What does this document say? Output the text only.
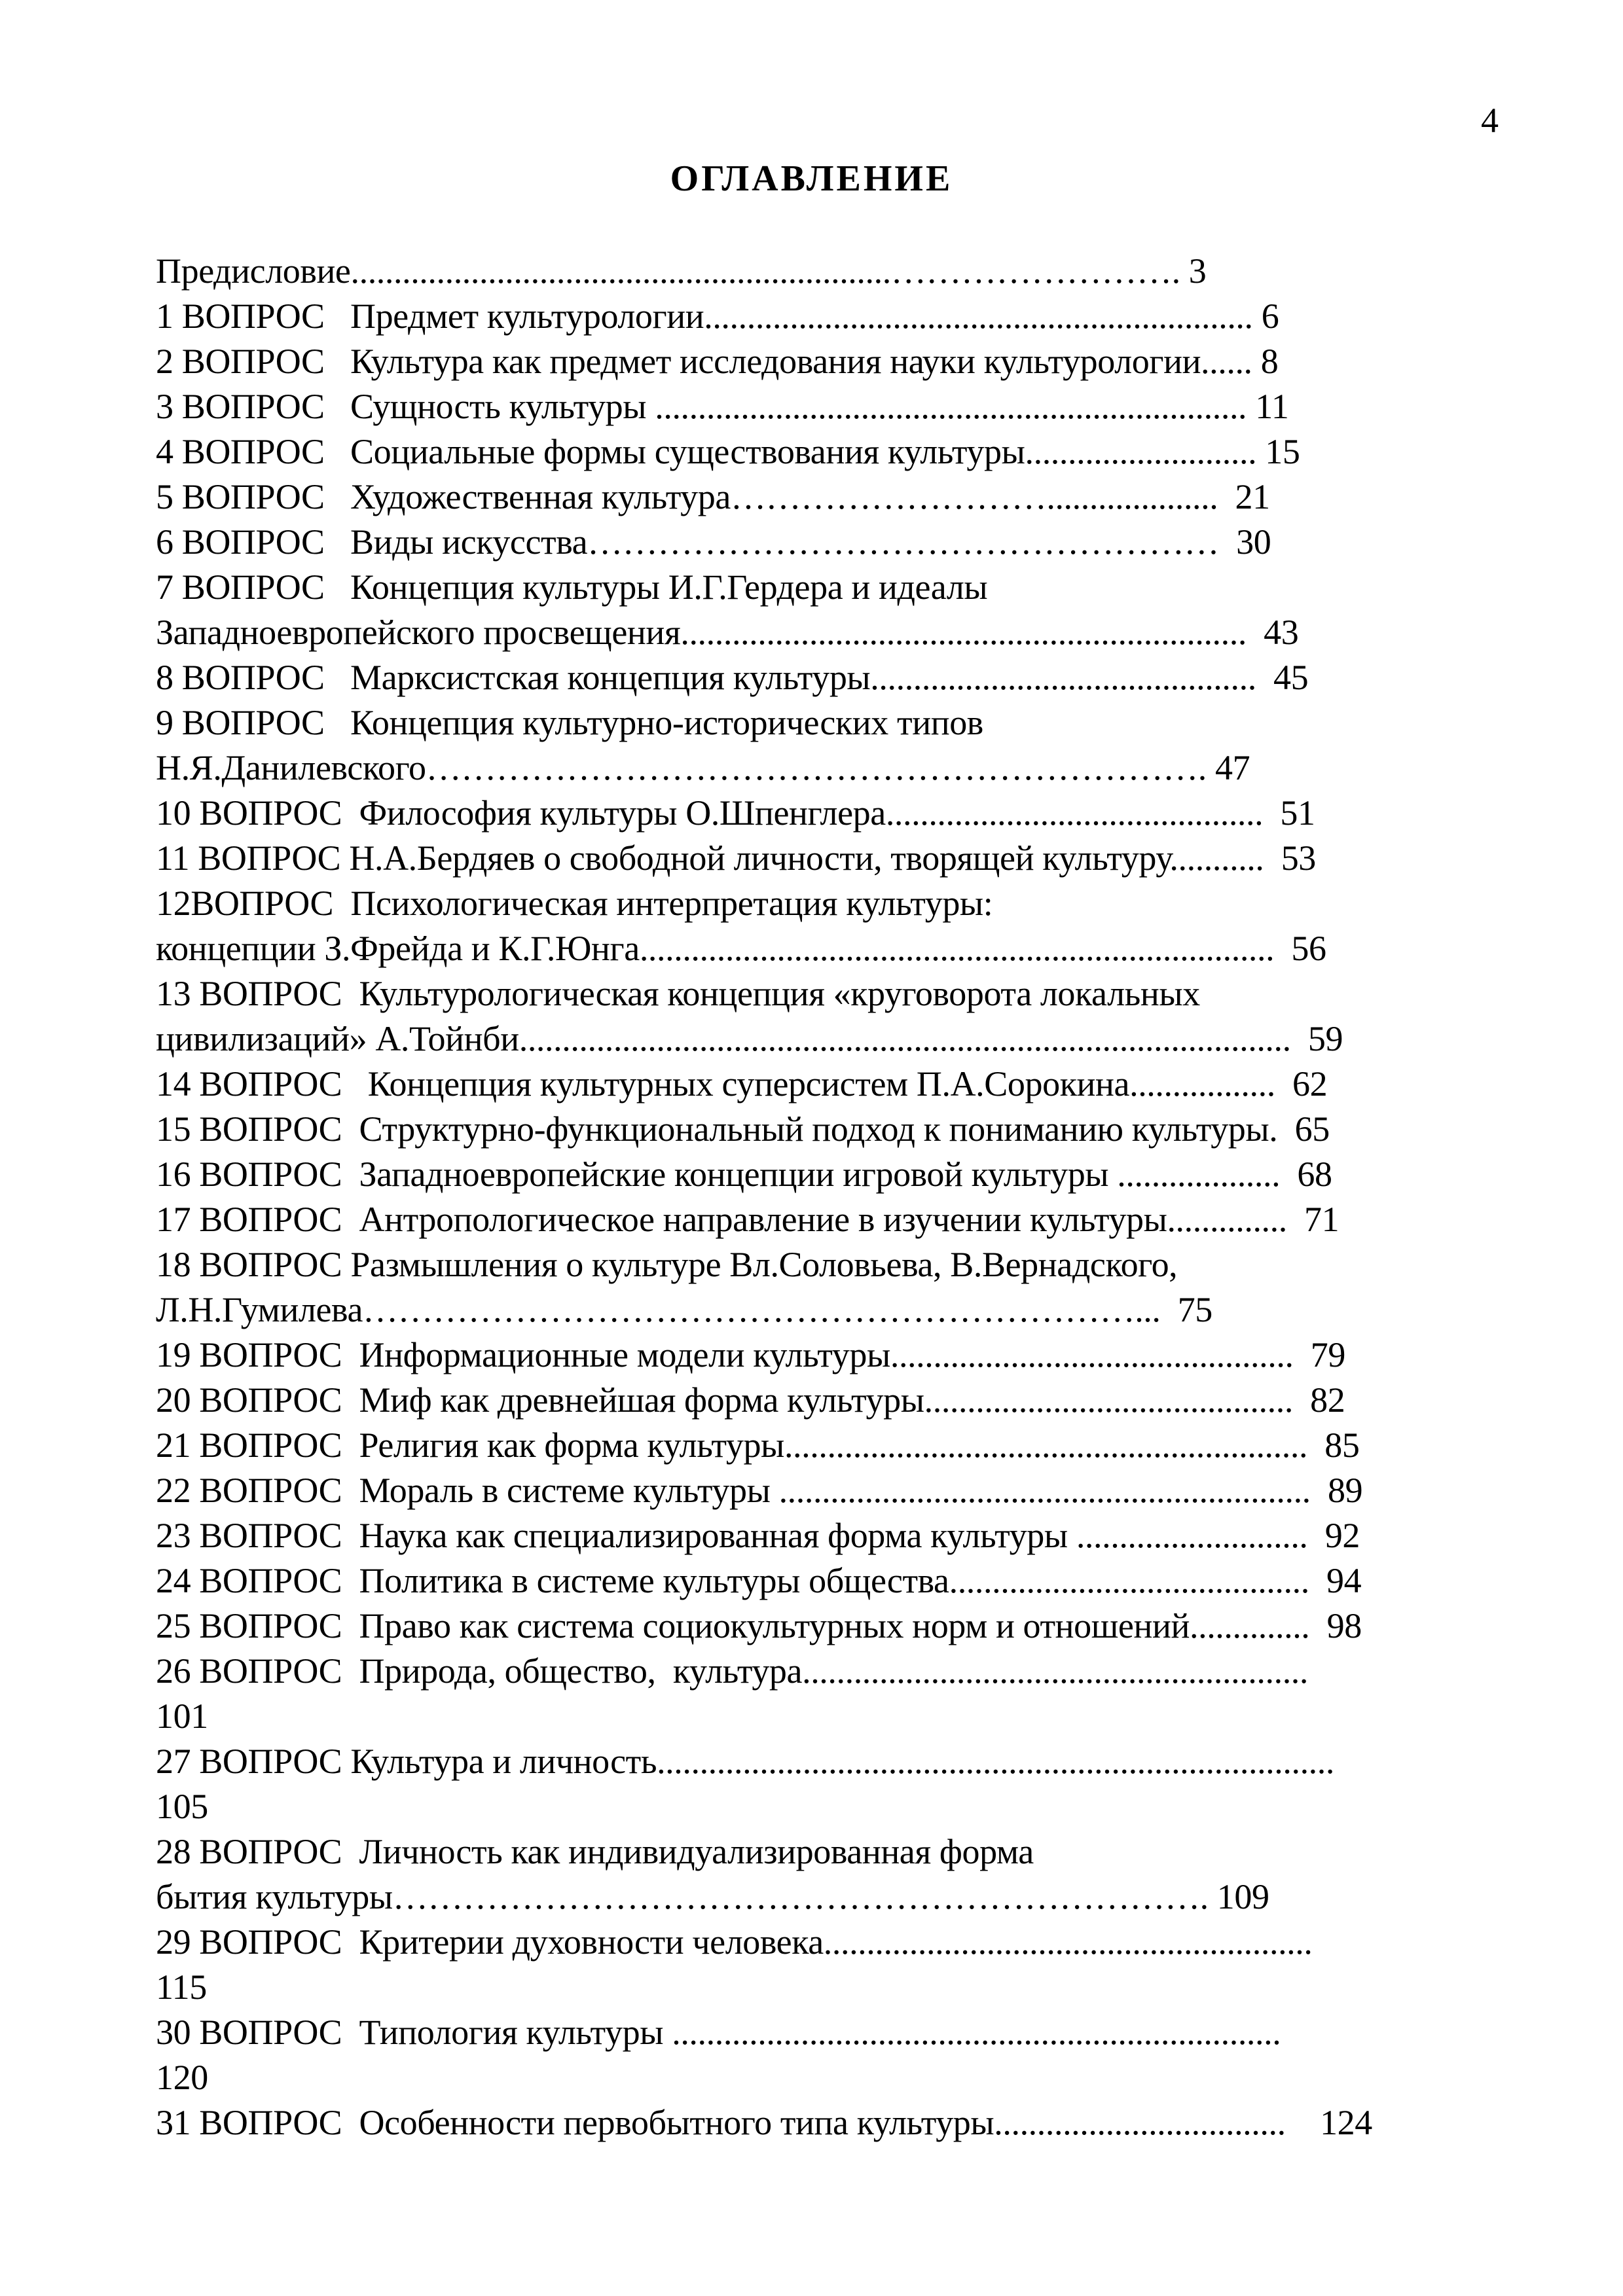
4
ОГЛАВЛЕНИЕ
Предисловие...............................................................……………………. 3
1 ВОПРОС   Предмет культурологии................................................................ 6
2 ВОПРОС   Культура как предмет исследования науки культурологии...... 8
3 ВОПРОС   Сущность культуры ..................................................................... 11
4 ВОПРОС   Социальные формы существования культуры........................... 15
5 ВОПРОС   Художественная культура………………………....................  21
6 ВОПРОС   Виды искусства………………………………………………  30
7 ВОПРОС   Концепция культуры И.Г.Гердера и идеалы
Западноевропейского просвещения..................................................................  43
8 ВОПРОС   Марксистская концепция культуры.............................................  45
9 ВОПРОС   Концепция культурно-исторических типов
Н.Я.Данилевского…………………………………………………………. 47
10 ВОПРОС  Философия культуры О.Шпенглера............................................  51
11 ВОПРОС Н.А.Бердяев о свободной личности, творящей культуру...........  53
12ВОПРОС  Психологическая интерпретация культуры:
концепции З.Фрейда и К.Г.Юнга..........................................................................  56
13 ВОПРОС  Культурологическая концепция «круговорота локальных
цивилизаций» А.Тойнби..........................................................................................  59
14 ВОПРОС   Концепция культурных суперсистем П.А.Сорокина.................  62
15 ВОПРОС  Структурно-функциональный подход к пониманию культуры.  65
16 ВОПРОС  Западноевропейские концепции игровой культуры ...................  68
17 ВОПРОС  Антропологическое направление в изучении культуры..............  71
18 ВОПРОС Размышления о культуре Вл.Соловьева, В.Вернадского,
Л.Н.Гумилева…………………………………………………………...  75
19 ВОПРОС  Информационные модели культуры...............................................  79
20 ВОПРОС  Миф как древнейшая форма культуры...........................................  82
21 ВОПРОС  Религия как форма культуры.............................................................  85
22 ВОПРОС  Мораль в системе культуры ..............................................................  89
23 ВОПРОС  Наука как специализированная форма культуры ...........................  92
24 ВОПРОС  Политика в системе культуры общества..........................................  94
25 ВОПРОС  Право как система социокультурных норм и отношений..............  98
26 ВОПРОС  Природа, общество,  культура...........................................................
101
27 ВОПРОС Культура и личность...............................................................................
105
28 ВОПРОС  Личность как индивидуализированная форма
бытия культуры……………………………………………………………. 109
29 ВОПРОС  Критерии духовности человека.........................................................
115
30 ВОПРОС  Типология культуры .......................................................................
120
31 ВОПРОС  Особенности первобытного типа культуры..................................    124
